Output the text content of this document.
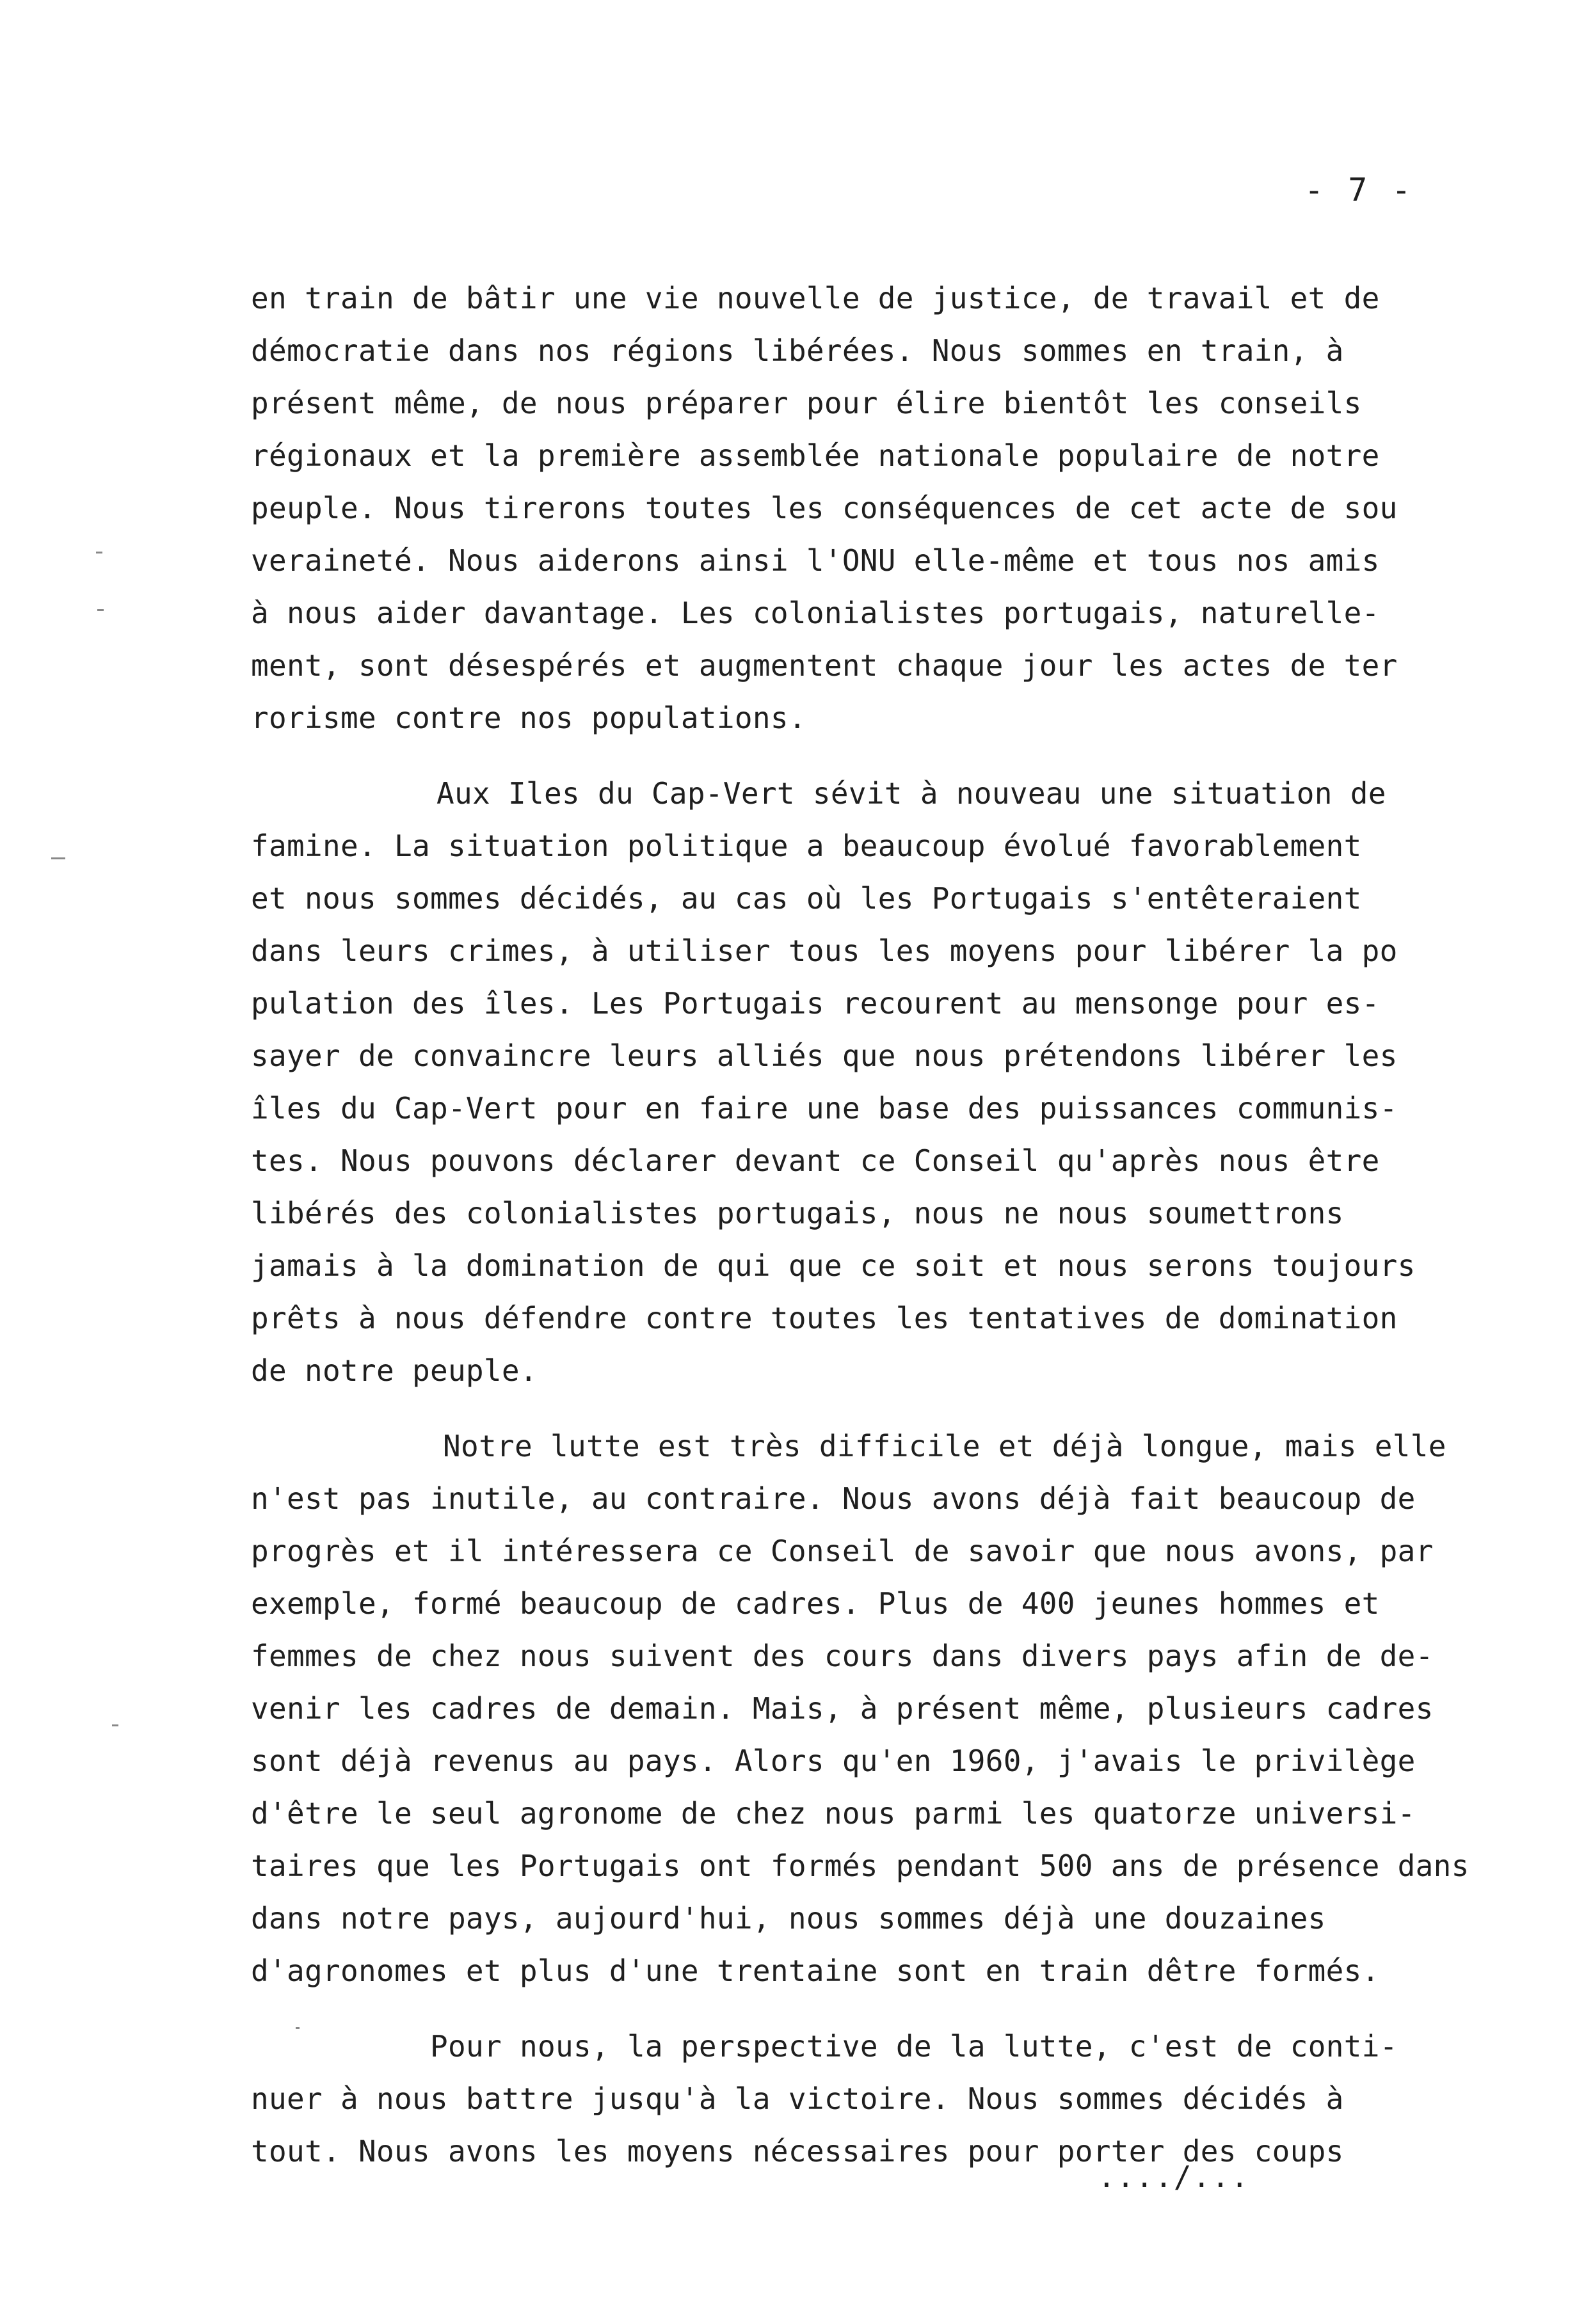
- 7 -

en train de bâtir une vie nouvelle de justice, de travail et de
démocratie dans nos régions libérées. Nous sommes en train, à
présent même, de nous préparer pour élire bientôt les conseils
régionaux et la première assemblée nationale populaire de notre
peuple. Nous tirerons toutes les conséquences de cet acte de sou
veraineté. Nous aiderons ainsi l'ONU elle-même et tous nos amis
à nous aider davantage. Les colonialistes portugais, naturelle-
ment, sont désespérés et augmentent chaque jour les actes de ter
rorisme contre nos populations.

Aux Iles du Cap-Vert sévit à nouveau une situation de
famine. La situation politique a beaucoup évolué favorablement
et nous sommes décidés, au cas où les Portugais s'entêteraient
dans leurs crimes, à utiliser tous les moyens pour libérer la po
pulation des îles. Les Portugais recourent au mensonge pour es-
sayer de convaincre leurs alliés que nous prétendons libérer les
îles du Cap-Vert pour en faire une base des puissances communis-
tes. Nous pouvons déclarer devant ce Conseil qu'après nous être
libérés des colonialistes portugais, nous ne nous soumettrons
jamais à la domination de qui que ce soit et nous serons toujours
prêts à nous défendre contre toutes les tentatives de domination
de notre peuple.

Notre lutte est très difficile et déjà longue, mais elle
n'est pas inutile, au contraire. Nous avons déjà fait beaucoup de
progrès et il intéressera ce Conseil de savoir que nous avons, par
exemple, formé beaucoup de cadres. Plus de 400 jeunes hommes et
femmes de chez nous suivent des cours dans divers pays afin de de-
venir les cadres de demain. Mais, à présent même, plusieurs cadres
sont déjà revenus au pays. Alors qu'en 1960, j'avais le privilège
d'être le seul agronome de chez nous parmi les quatorze universi-
taires que les Portugais ont formés pendant 500 ans de présence dans
dans notre pays, aujourd'hui, nous sommes déjà une douzaines
d'agronomes et plus d'une trentaine sont en train dêtre formés.

Pour nous, la perspective de la lutte, c'est de conti-
nuer à nous battre jusqu'à la victoire. Nous sommes décidés à
tout. Nous avons les moyens nécessaires pour porter des coups

..../...
